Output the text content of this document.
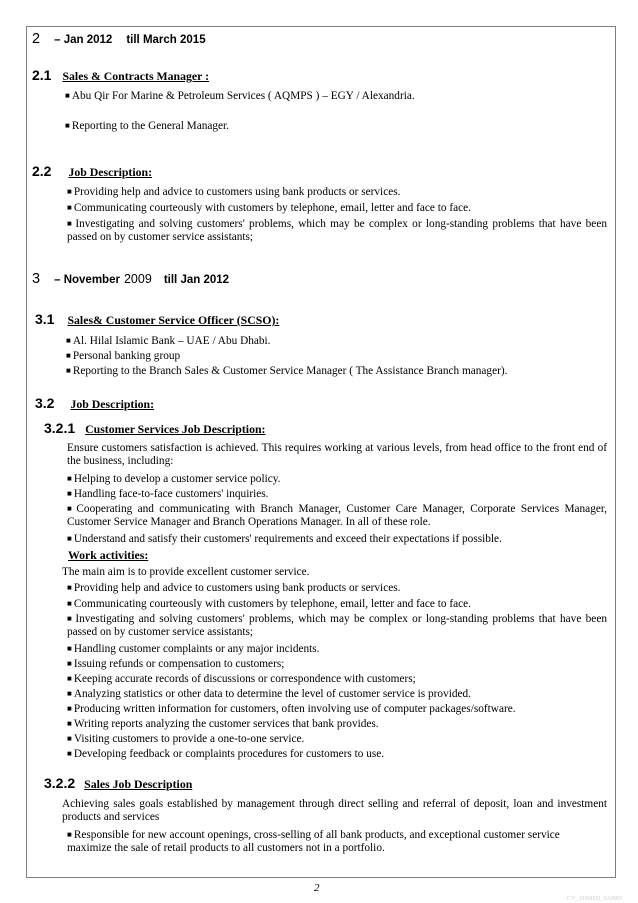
2 – Jan 2012 till March 2015
2.1 Sales & Contracts Manager :
■ Abu Qir For Marine & Petroleum Services ( AQMPS ) – EGY / Alexandria.
■ Reporting to the General Manager.
2.2 Job Description:
■ Providing help and advice to customers using bank products or services.
■ Communicating courteously with customers by telephone, email, letter and face to face.
■ Investigating and solving customers' problems, which may be complex or long-standing problems that have been passed on by customer service assistants;
3 – November 2009 till Jan 2012
3.1 Sales& Customer Service Officer (SCSO):
■ Al. Hilal Islamic Bank – UAE / Abu Dhabi.
■ Personal banking group
■ Reporting to the Branch Sales & Customer Service Manager ( The Assistance Branch manager).
3.2 Job Description:
3.2.1 Customer Services Job Description:
Ensure customers satisfaction is achieved. This requires working at various levels, from head office to the front end of the business, including:
■ Helping to develop a customer service policy.
■ Handling face-to-face customers' inquiries.
■ Cooperating and communicating with Branch Manager, Customer Care Manager, Corporate Services Manager, Customer Service Manager and Branch Operations Manager. In all of these role.
■ Understand and satisfy their customers' requirements and exceed their expectations if possible.
Work activities:
The main aim is to provide excellent customer service.
■ Providing help and advice to customers using bank products or services.
■ Communicating courteously with customers by telephone, email, letter and face to face.
■ Investigating and solving customers' problems, which may be complex or long-standing problems that have been passed on by customer service assistants;
■ Handling customer complaints or any major incidents.
■ Issuing refunds or compensation to customers;
■ Keeping accurate records of discussions or correspondence with customers;
■ Analyzing statistics or other data to determine the level of customer service is provided.
■ Producing written information for customers, often involving use of computer packages/software.
■ Writing reports analyzing the customer services that bank provides.
■ Visiting customers to provide a one-to-one service.
■ Developing feedback or complaints procedures for customers to use.
3.2.2 Sales Job Description
Achieving sales goals established by management through direct selling and referral of deposit, loan and investment products and services
■ Responsible for new account openings, cross-selling of all bank products, and exceptional customer service maximize the sale of retail products to all customers not in a portfolio.
2
CV_AHMED_SABRY
